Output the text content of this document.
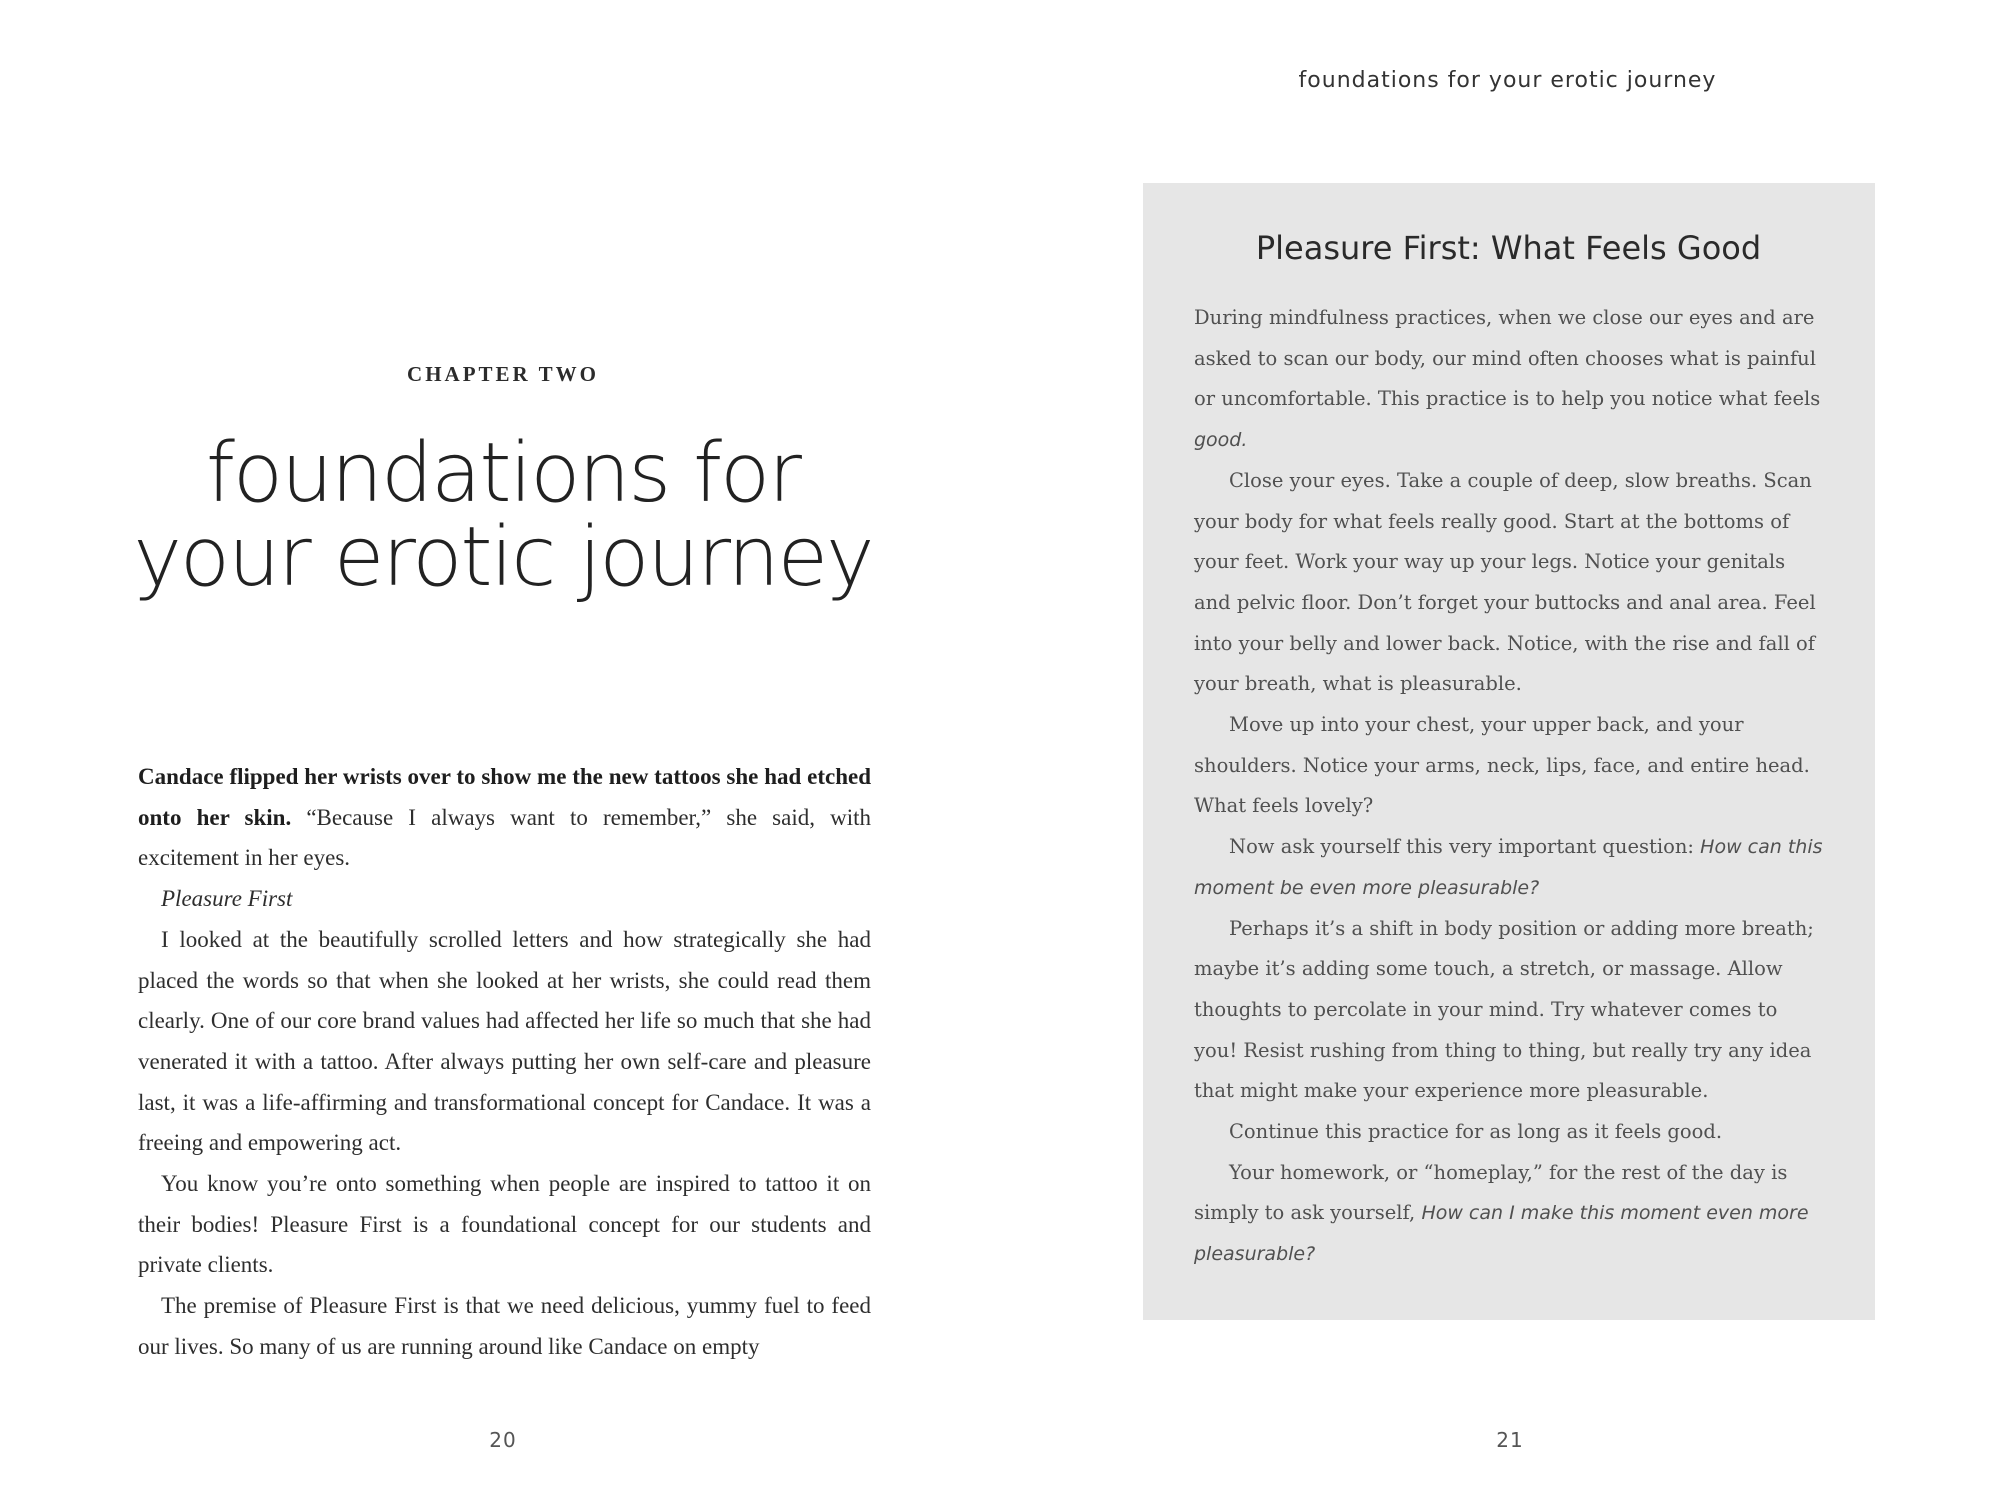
CHAPTER TWO
foundations for
your erotic journey

Candace flipped her wrists over to show me the new tattoos she had etched onto her skin. “Because I always want to remember,” she said, with excitement in her eyes.

Pleasure First

I looked at the beautifully scrolled letters and how strategically she had placed the words so that when she looked at her wrists, she could read them clearly. One of our core brand values had affected her life so much that she had venerated it with a tattoo. After always putting her own self-care and pleasure last, it was a life-affirming and transformational concept for Candace. It was a freeing and empowering act.

You know you’re onto something when people are inspired to tattoo it on their bodies! Pleasure First is a foundational concept for our students and private clients.

The premise of Pleasure First is that we need delicious, yummy fuel to feed our lives. So many of us are running around like Candace on empty

20
foundations for your erotic journey
Pleasure First: What Feels Good

During mindfulness practices, when we close our eyes and are asked to scan our body, our mind often chooses what is painful or uncomfortable. This practice is to help you notice what feels good.

Close your eyes. Take a couple of deep, slow breaths. Scan your body for what feels really good. Start at the bottoms of your feet. Work your way up your legs. Notice your genitals and pelvic floor. Don’t forget your buttocks and anal area. Feel into your belly and lower back. Notice, with the rise and fall of your breath, what is pleasurable.

Move up into your chest, your upper back, and your shoulders. Notice your arms, neck, lips, face, and entire head. What feels lovely?

Now ask yourself this very important question: How can this moment be even more pleasurable?

Perhaps it’s a shift in body position or adding more breath; maybe it’s adding some touch, a stretch, or massage. Allow thoughts to percolate in your mind. Try whatever comes to you! Resist rushing from thing to thing, but really try any idea that might make your experience more pleasurable.

Continue this practice for as long as it feels good.

Your homework, or “homeplay,” for the rest of the day is simply to ask yourself, How can I make this moment even more pleasurable?

21
